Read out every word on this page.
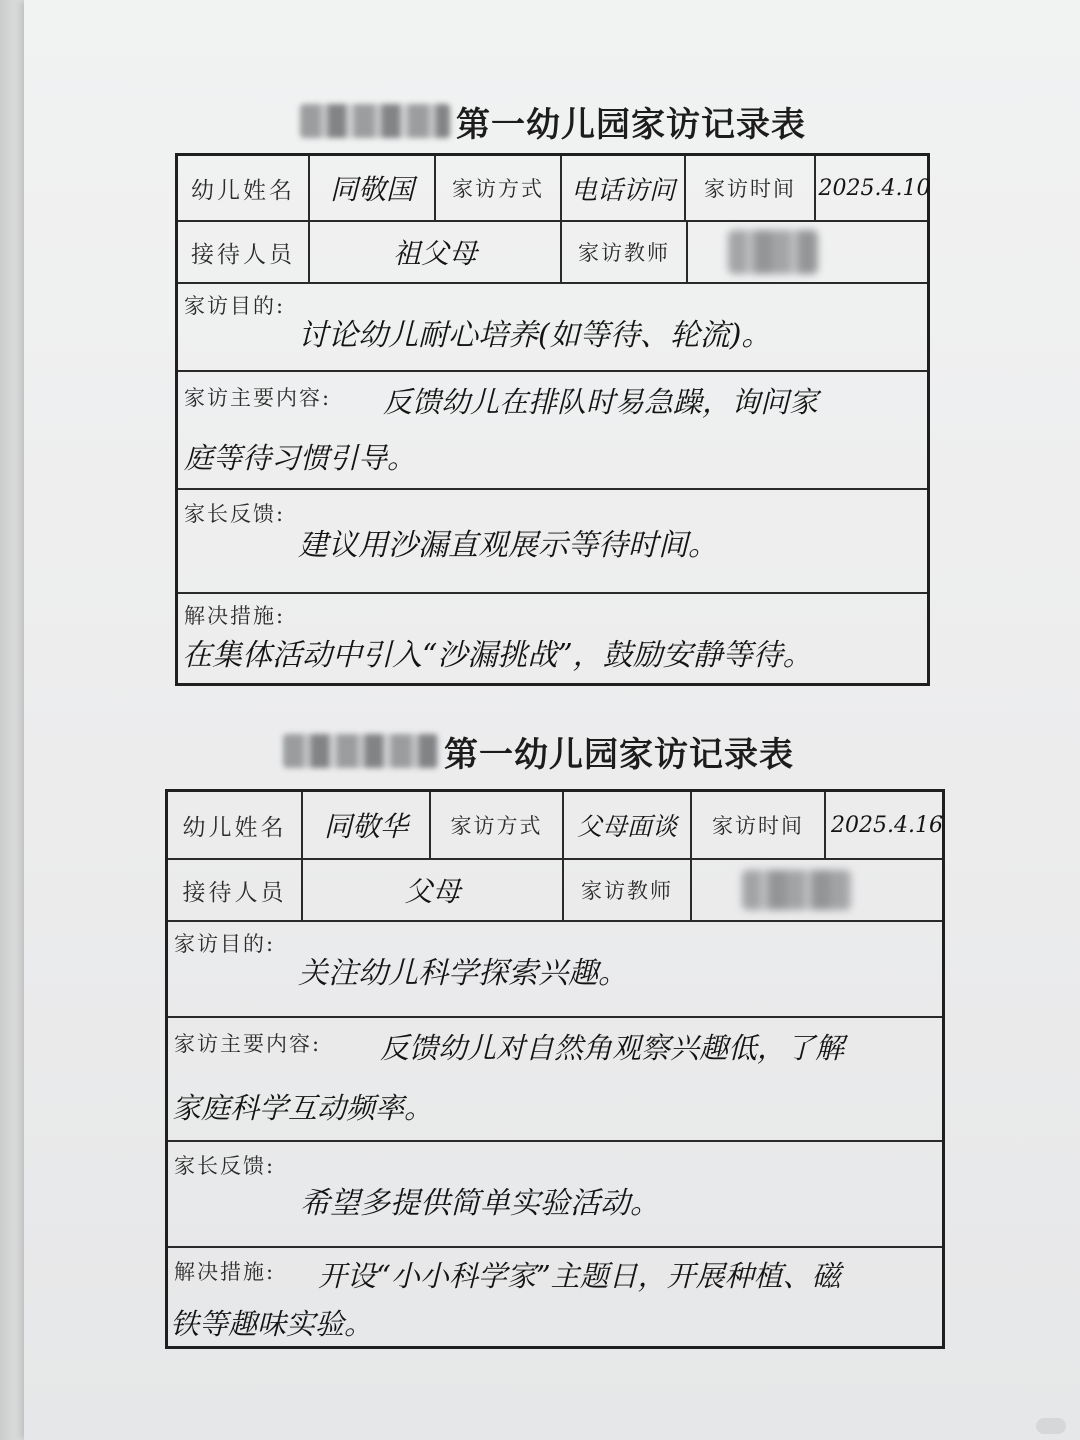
第一幼儿园家访记录表
幼儿姓名 同敬国 家访方式 电话访问 家访时间 2025.4.10
接待人员	祖父母	家访教师
家访目的:
讨论幼儿耐心培养(如等待、轮流)。
家访主要内容: 反馈幼儿在排队时易急躁，询问家
庭等待习惯引导。
家长反馈:
建议用沙漏直观展示等待时间。
解决措施:
在集体活动中引入“沙漏挑战”，鼓励安静等待。
第一幼儿园家访记录表
幼儿姓名 同敬华 家访方式 父母面谈 家访时间 2025.4.16
接待人员	父母	家访教师
家访目的:
关注幼儿科学探索兴趣。
家访主要内容: 反馈幼儿对自然角观察兴趣低，了解
家庭科学互动频率。
家长反馈:
希望多提供简单实验活动。
解决措施: 开设“小小科学家”主题日，开展种植、磁
铁等趣味实验。
